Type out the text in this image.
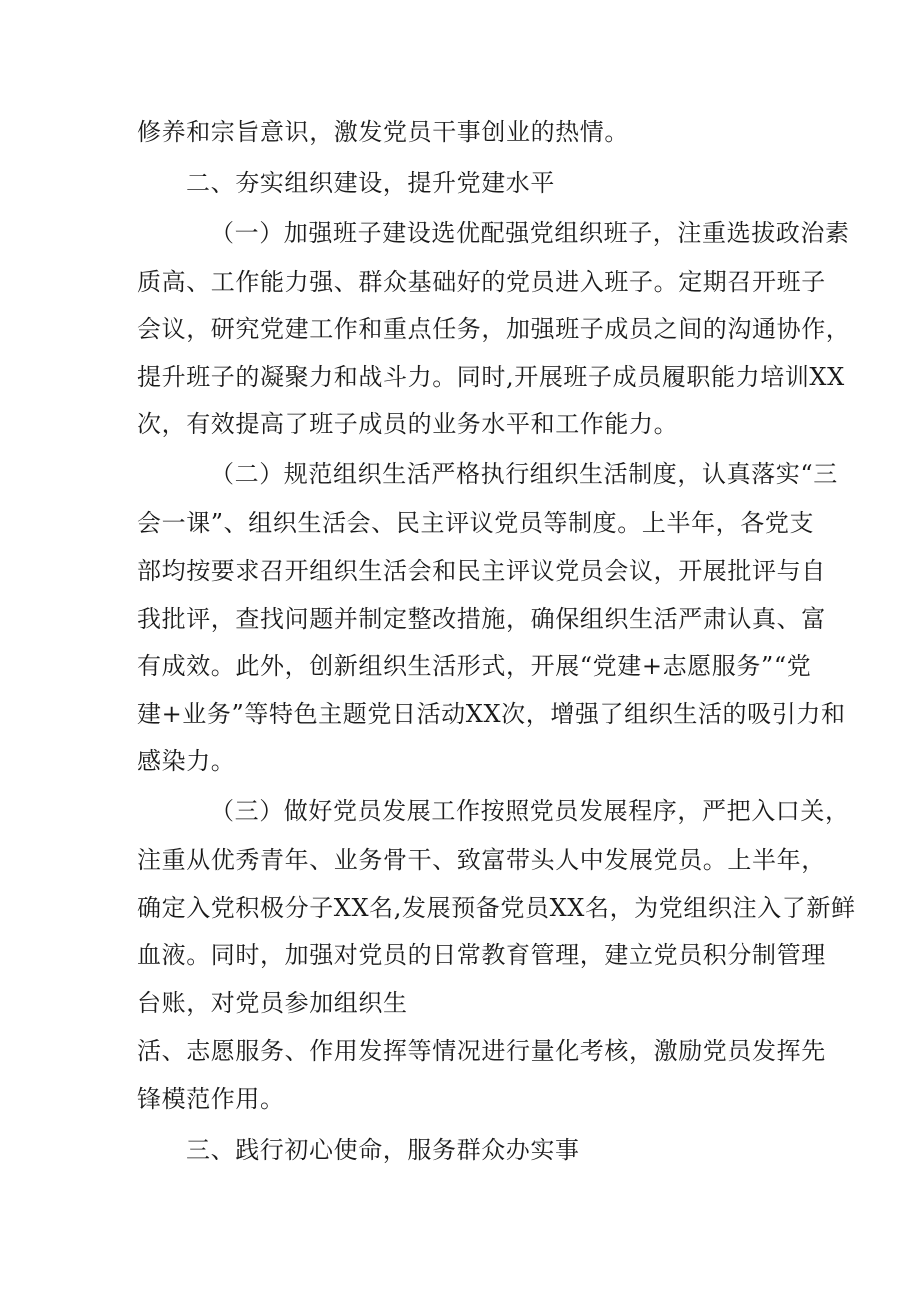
修养和宗旨意识，激发党员干事创业的热情。
二、夯实组织建设，提升党建水平
（一）加强班子建设选优配强党组织班子，注重选拔政治素
质高、工作能力强、群众基础好的党员进入班子。定期召开班子
会议，研究党建工作和重点任务，加强班子成员之间的沟通协作，
提升班子的凝聚力和战斗力。同时,开展班子成员履职能力培训XX
次，有效提高了班子成员的业务水平和工作能力。
（二）规范组织生活严格执行组织生活制度，认真落实“三
会一课”、组织生活会、民主评议党员等制度。上半年，各党支
部均按要求召开组织生活会和民主评议党员会议，开展批评与自
我批评，查找问题并制定整改措施，确保组织生活严肃认真、富
有成效。此外，创新组织生活形式，开展“党建+志愿服务”“党
建+业务”等特色主题党日活动XX次，增强了组织生活的吸引力和
感染力。
（三）做好党员发展工作按照党员发展程序，严把入口关，
注重从优秀青年、业务骨干、致富带头人中发展党员。上半年，
确定入党积极分子XX名,发展预备党员XX名，为党组织注入了新鲜
血液。同时，加强对党员的日常教育管理，建立党员积分制管理
台账，对党员参加组织生
活、志愿服务、作用发挥等情况进行量化考核，激励党员发挥先
锋模范作用。
三、践行初心使命，服务群众办实事
